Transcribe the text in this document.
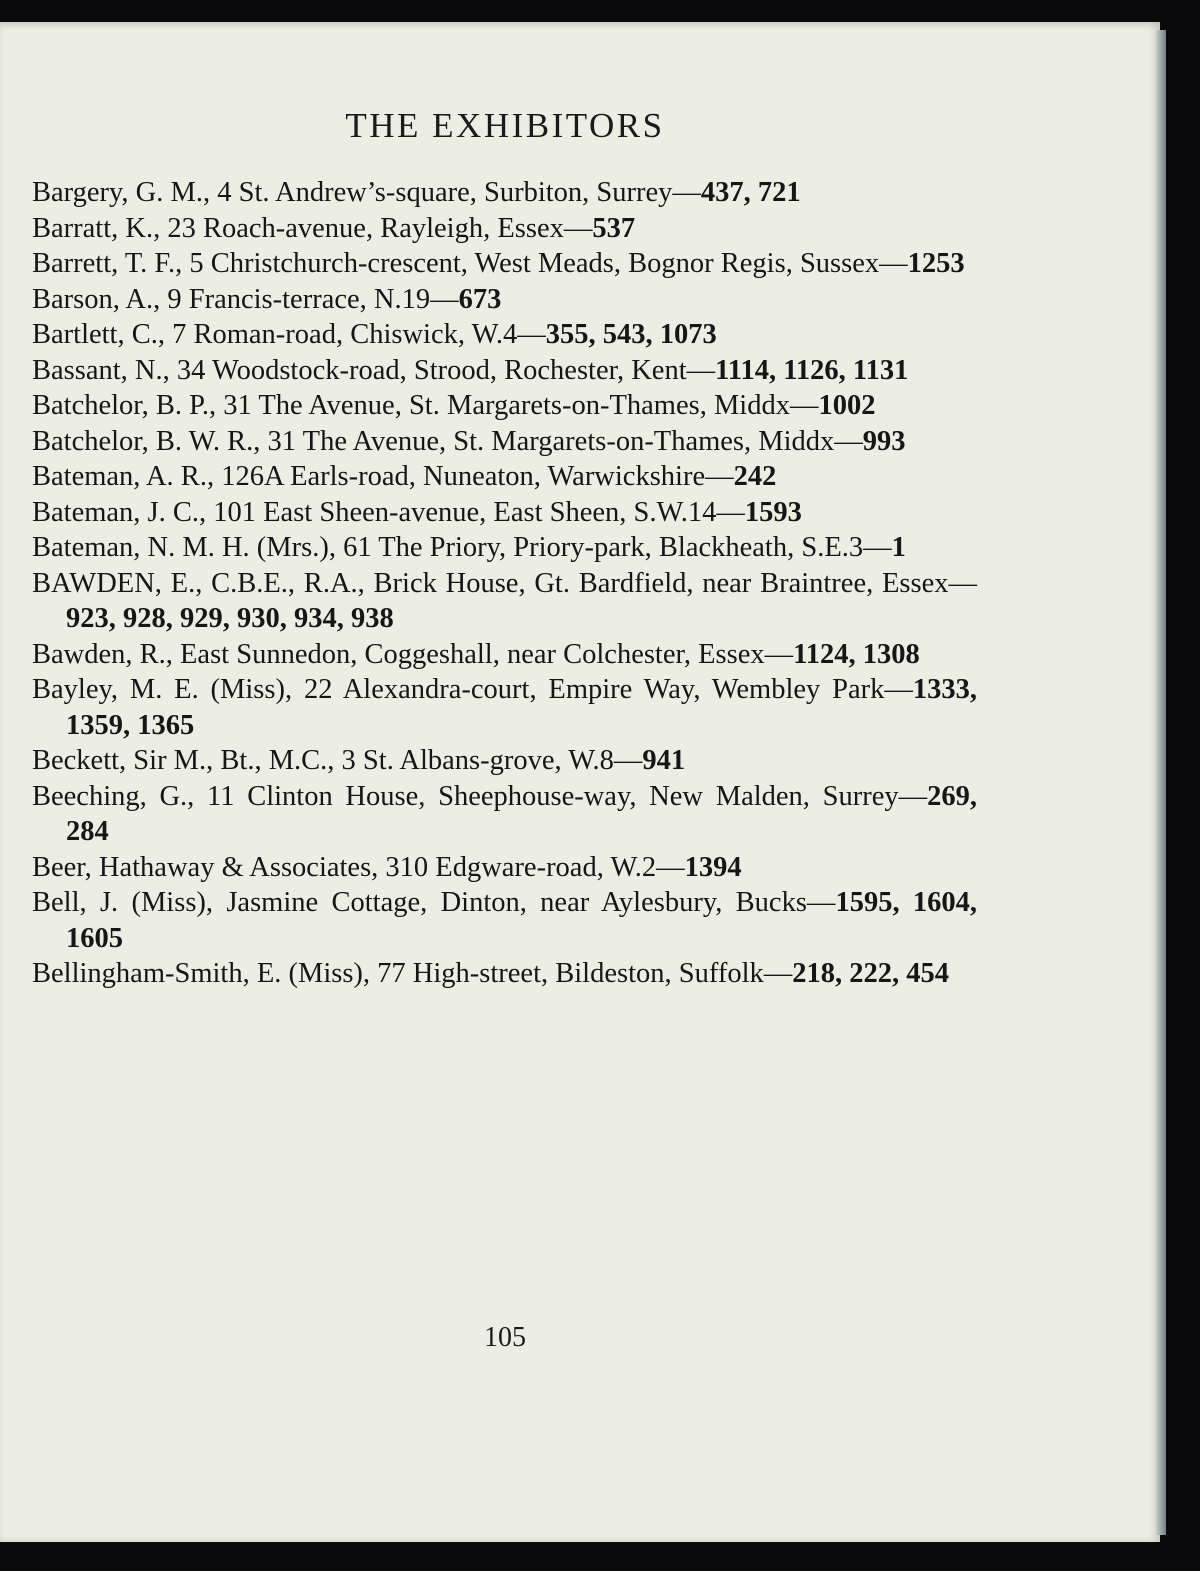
THE EXHIBITORS

Bargery, G. M., 4 St. Andrew’s-square, Surbiton, Surrey—437, 721

Barratt, K., 23 Roach-avenue, Rayleigh, Essex—537

Barrett, T. F., 5 Christchurch-crescent, West Meads, Bognor Regis, Sussex—1253

Barson, A., 9 Francis-terrace, N.19—673

Bartlett, C., 7 Roman-road, Chiswick, W.4—355, 543, 1073

Bassant, N., 34 Woodstock-road, Strood, Rochester, Kent—1114, 1126, 1131

Batchelor, B. P., 31 The Avenue, St. Margarets-on-Thames, Middx—1002

Batchelor, B. W. R., 31 The Avenue, St. Margarets-on-Thames, Middx—993

Bateman, A. R., 126A Earls-road, Nuneaton, Warwickshire—242

Bateman, J. C., 101 East Sheen-avenue, East Sheen, S.W.14—1593

Bateman, N. M. H. (Mrs.), 61 The Priory, Priory-park, Blackheath, S.E.3—1

BAWDEN, E., C.B.E., R.A., Brick House, Gt. Bardfield, near Braintree, Essex—923, 928, 929, 930, 934, 938

Bawden, R., East Sunnedon, Coggeshall, near Colchester, Essex—1124, 1308

Bayley, M. E. (Miss), 22 Alexandra-court, Empire Way, Wembley Park—1333, 1359, 1365

Beckett, Sir M., Bt., M.C., 3 St. Albans-grove, W.8—941

Beeching, G., 11 Clinton House, Sheephouse-way, New Malden, Surrey—269, 284

Beer, Hathaway & Associates, 310 Edgware-road, W.2—1394

Bell, J. (Miss), Jasmine Cottage, Dinton, near Aylesbury, Bucks—1595, 1604, 1605

Bellingham-Smith, E. (Miss), 77 High-street, Bildeston, Suffolk—218, 222, 454

105
